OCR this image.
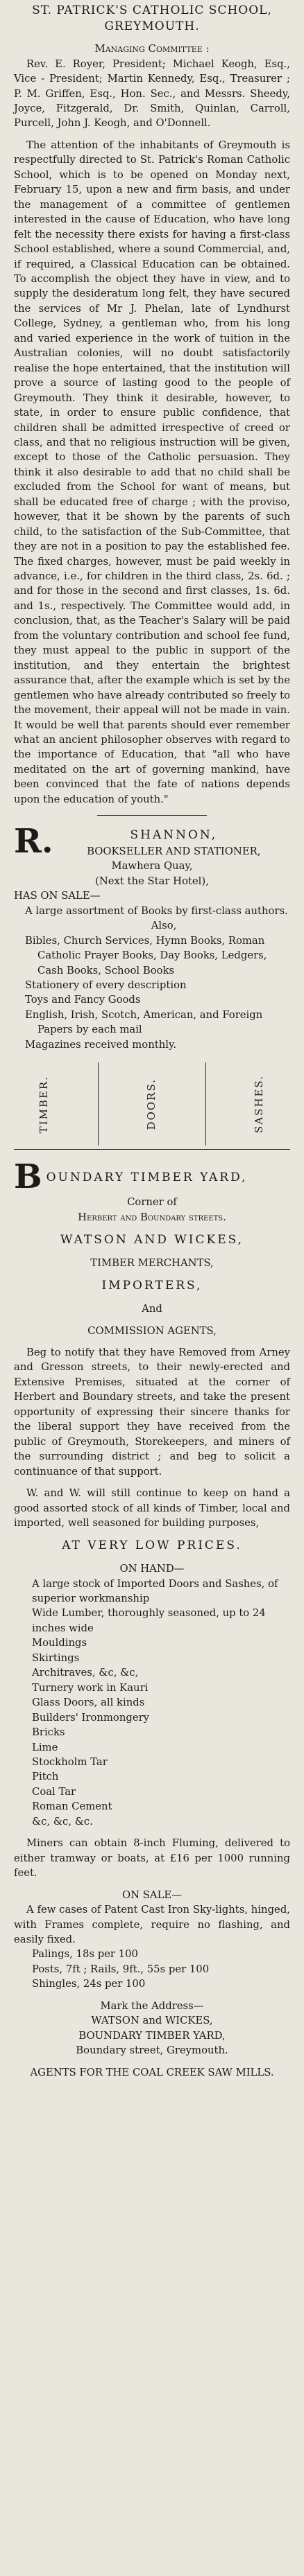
ST. PATRICK'S CATHOLIC SCHOOL,

GREYMOUTH.

Managing Committee :

Rev. E. Royer, President; Michael Keogh, Esq., Vice - President; Martin Kennedy, Esq., Treasurer ; P. M. Griffen, Esq., Hon. Sec., and Messrs. Sheedy, Joyce, Fitzgerald, Dr. Smith, Quinlan, Carroll, Purcell, John J. Keogh, and O'Donnell.

The attention of the inhabitants of Greymouth is respectfully directed to St. Patrick's Roman Catholic School, which is to be opened on Monday next, February 15, upon a new and firm basis, and under the management of a committee of gentlemen interested in the cause of Education, who have long felt the necessity there exists for having a first-class School established, where a sound Commercial, and, if required, a Classical Education can be obtained. To accomplish the object they have in view, and to supply the desideratum long felt, they have secured the services of Mr J. Phelan, late of Lyndhurst College, Sydney, a gentleman who, from his long and varied experience in the work of tuition in the Australian colonies, will no doubt satisfactorily realise the hope entertained, that the institution will prove a source of lasting good to the people of Greymouth. They think it desirable, however, to state, in order to ensure public confidence, that children shall be admitted irrespective of creed or class, and that no religious instruction will be given, except to those of the Catholic persuasion. They think it also desirable to add that no child shall be excluded from the School for want of means, but shall be educated free of charge ; with the proviso, however, that it be shown by the parents of such child, to the satisfaction of the Sub-Committee, that they are not in a position to pay the established fee. The fixed charges, however, must be paid weekly in advance, i.e., for children in the third class, 2s. 6d. ; and for those in the second and first classes, 1s. 6d. and 1s., respectively. The Committee would add, in conclusion, that, as the Teacher's Salary will be paid from the voluntary contribution and school fee fund, they must appeal to the public in support of the institution, and they entertain the brightest assurance that, after the example which is set by the gentlemen who have already contributed so freely to the movement, their appeal will not be made in vain. It would be well that parents should ever remember what an ancient philosopher observes with regard to the importance of Education, that "all who have meditated on the art of governing mankind, have been convinced that the fate of nations depends upon the education of youth."

R.	SHANNON,
BOOKSELLER AND STATIONER,

Mawhera Quay,

(Next the Star Hotel),

HAS ON SALE—

A large assortment of Books by first-class authors.

Also,

Bibles, Church Services, Hymn Books, Roman Catholic Prayer Books, Day Books, Ledgers, Cash Books, School Books

Stationery of every description

Toys and Fancy Goods

English, Irish, Scotch, American, and Foreign Papers by each mail

Magazines received monthly.

TIMBER.	DOORS.	SASHES.

B OUNDARY TIMBER YARD,

Corner of

Herbert and Boundary streets.

WATSON AND WICKES,

TIMBER MERCHANTS,

IMPORTERS,

And

COMMISSION AGENTS,

Beg to notify that they have Removed from Arney and Gresson streets, to their newly-erected and Extensive Premises, situated at the corner of Herbert and Boundary streets, and take the present opportunity of expressing their sincere thanks for the liberal support they have received from the public of Greymouth, Storekeepers, and miners of the surrounding district ; and beg to solicit a continuance of that support.

W. and W. will still continue to keep on hand a good assorted stock of all kinds of Timber, local and imported, well seasoned for building purposes,

AT VERY LOW PRICES.

ON HAND—

A large stock of Imported Doors and Sashes, of superior workmanship

Wide Lumber, thoroughly seasoned, up to 24 inches wide

Mouldings

Skirtings

Architraves, &c, &c,

Turnery work in Kauri

Glass Doors, all kinds

Builders' Ironmongery

Bricks

Lime

Stockholm Tar

Pitch

Coal Tar

Roman Cement

&c, &c, &c.

Miners can obtain 8-inch Fluming, delivered to either tramway or boats, at £16 per 1000 running feet.

ON SALE—

A few cases of Patent Cast Iron Sky-lights, hinged, with Frames complete, require no flashing, and easily fixed.

Palings, 18s per 100

Posts, 7ft ; Rails, 9ft., 55s per 100

Shingles, 24s per 100

Mark the Address—

WATSON and WICKES,

BOUNDARY TIMBER YARD,

Boundary street, Greymouth.

AGENTS FOR THE COAL CREEK SAW MILLS.
